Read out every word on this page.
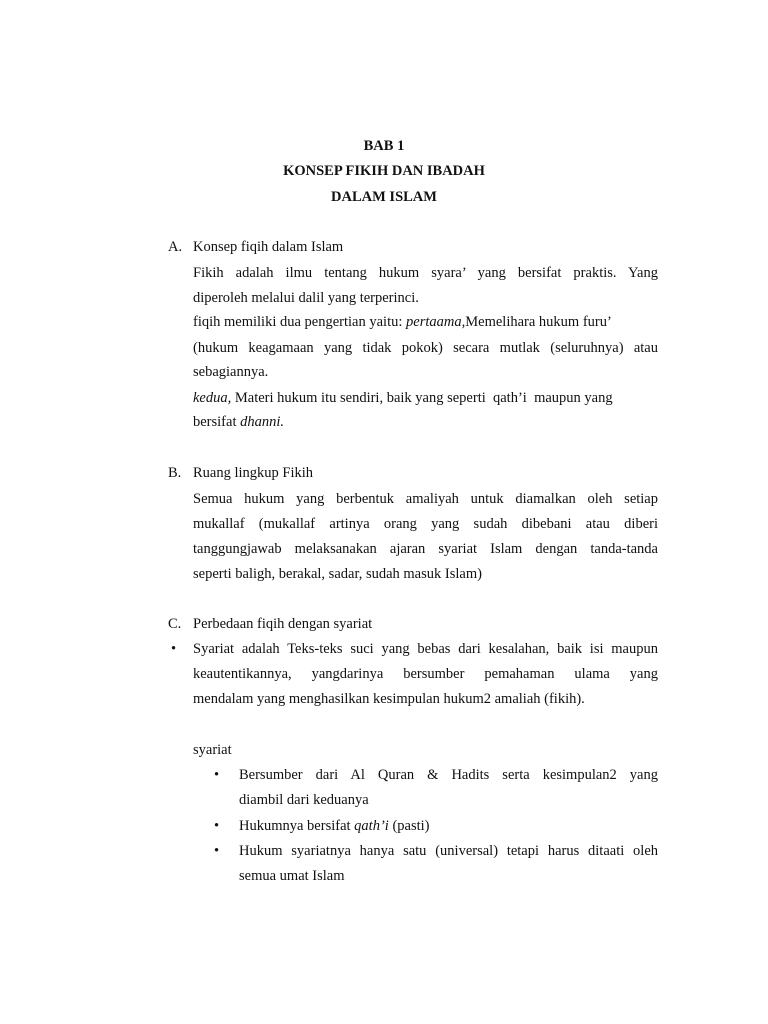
BAB 1
KONSEP FIKIH DAN IBADAH
DALAM ISLAM
A. Konsep fiqih dalam Islam
Fikih adalah ilmu tentang hukum syara’ yang bersifat praktis. Yang
diperoleh melalui dalil yang terperinci.
fiqih memiliki dua pengertian yaitu: pertaama,Memelihara hukum furu’
(hukum keagamaan yang tidak pokok) secara mutlak (seluruhnya) atau
sebagiannya.
kedua, Materi hukum itu sendiri, baik yang seperti  qath’i  maupun yang
bersifat dhanni.
B. Ruang lingkup Fikih
Semua hukum yang berbentuk amaliyah untuk diamalkan oleh setiap
mukallaf (mukallaf artinya orang yang sudah dibebani atau diberi
tanggungjawab melaksanakan ajaran syariat Islam dengan tanda-tanda
seperti baligh, berakal, sadar, sudah masuk Islam)
C. Perbedaan fiqih dengan syariat
• Syariat adalah Teks-teks suci yang bebas dari kesalahan, baik isi maupun
keautentikannya, yangdarinya bersumber pemahaman ulama yang
mendalam yang menghasilkan kesimpulan hukum2 amaliah (fikih).
syariat
• Bersumber dari Al Quran & Hadits serta kesimpulan2 yang
diambil dari keduanya
• Hukumnya bersifat qath’i (pasti)
• Hukum syariatnya hanya satu (universal) tetapi harus ditaati oleh
semua umat Islam
